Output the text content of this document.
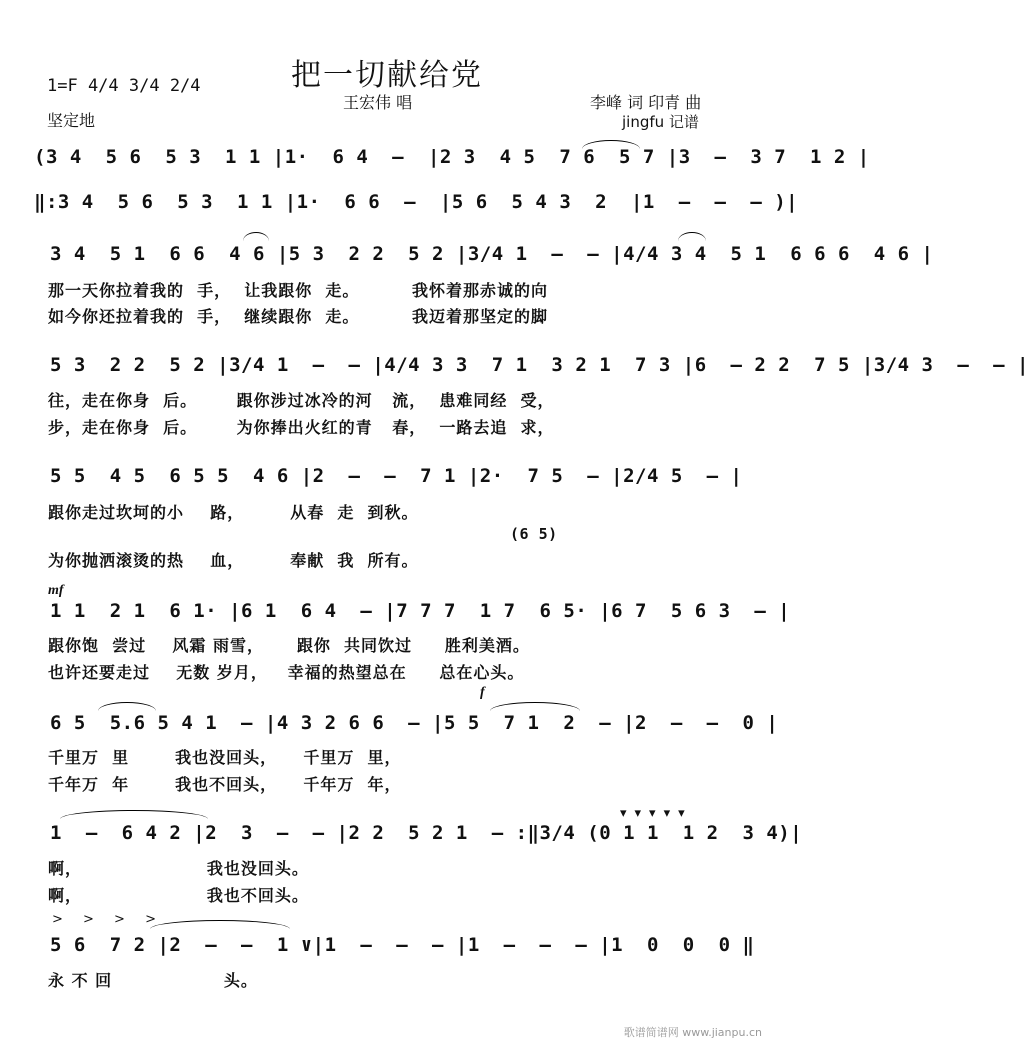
把一切献给党
1=F 4/4 3/4 2/4
坚定地
王宏伟 唱	李峰 词 印青 曲
jingfu 记谱
(3 4  5 6  5 3  1 1 |1·  6 4  –  |2 3  4 5  7 6  5 7 |3  –  3 7  1 2 |
‖:3 4  5 6  5 3  1 1 |1·  6 6  –  |5 6  5 4 3  2  |1  –  –  – )|
3 4  5 1  6 6  4 6 |5 3  2 2  5 2 |3/4 1  –  – |4/4 3 4  5 1  6 6 6  4 6 |
那一天你拉着我的  手，  让我跟你  走。        我怀着那赤诚的向
如今你还拉着我的  手，  继续跟你  走。        我迈着那坚定的脚
5 3  2 2  5 2 |3/4 1  –  – |4/4 3 3  7 1  3 2 1  7 3 |6  – 2 2  7 5 |3/4 3  –  – |
往，走在你身  后。      跟你涉过冰冷的河   流，  患难同经  受，
步，走在你身  后。      为你捧出火红的青   春，  一路去追  求，
5 5  4 5  6 5 5  4 6 |2  –  –  7 1 |2·  7 5  – |2/4 5  – |
跟你走过坎坷的小    路，       从春  走  到秋。
(6 5)
为你抛洒滚烫的热    血，       奉献  我  所有。
mf
1 1  2 1  6 1· |6 1  6 4  – |7 7 7  1 7  6 5· |6 7  5 6 3  – |
跟你饱  尝过    风霜 雨雪，     跟你  共同饮过     胜利美酒。
也许还要走过    无数 岁月，   幸福的热望总在     总在心头。
f
6 5  5.6 5 4 1  – |4 3 2 6 6  – |5 5  7 1  2  – |2  –  –  0 |
千里万  里       我也没回头，    千里万  里，
千年万  年       我也不回头，    千年万  年，
▾▾▾▾▾
1  –  6 4 2 |2  3  –  – |2 2  5 2 1  – :‖3/4 (0 1 1  1 2  3 4)|
啊，                   我也没回头。
啊，                   我也不回头。
> > > >
5 6  7 2 |2  –  –  1 ∨|1  –  –  – |1  –  –  – |1  0  0  0 ‖
永 不 回                 头。
歌谱简谱网 www.jianpu.cn
